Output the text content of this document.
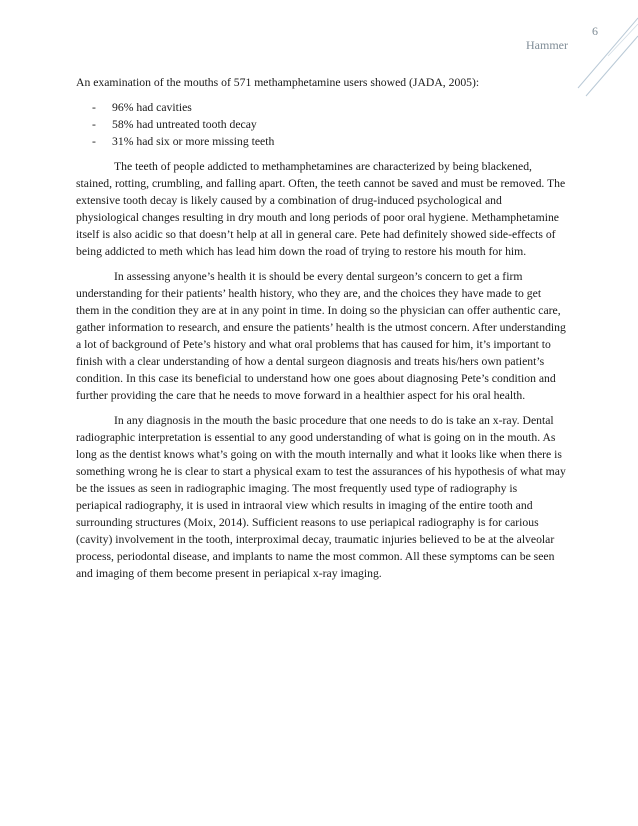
6
Hammer

An examination of the mouths of 571 methamphetamine users showed (JADA, 2005):

- 96% had cavities
- 58% had untreated tooth decay
- 31% had six or more missing teeth

The teeth of people addicted to methamphetamines are characterized by being blackened, stained, rotting, crumbling, and falling apart. Often, the teeth cannot be saved and must be removed. The extensive tooth decay is likely caused by a combination of drug-induced psychological and physiological changes resulting in dry mouth and long periods of poor oral hygiene. Methamphetamine itself is also acidic so that doesn’t help at all in general care. Pete had definitely showed side-effects of being addicted to meth which has lead him down the road of trying to restore his mouth for him.

In assessing anyone’s health it is should be every dental surgeon’s concern to get a firm understanding for their patients’ health history, who they are, and the choices they have made to get them in the condition they are at in any point in time. In doing so the physician can offer authentic care, gather information to research, and ensure the patients’ health is the utmost concern. After understanding a lot of background of Pete’s history and what oral problems that has caused for him, it’s important to finish with a clear understanding of how a dental surgeon diagnosis and treats his/hers own patient’s condition. In this case its beneficial to understand how one goes about diagnosing Pete’s condition and further providing the care that he needs to move forward in a healthier aspect for his oral health.

In any diagnosis in the mouth the basic procedure that one needs to do is take an x-ray. Dental radiographic interpretation is essential to any good understanding of what is going on in the mouth. As long as the dentist knows what’s going on with the mouth internally and what it looks like when there is something wrong he is clear to start a physical exam to test the assurances of his hypothesis of what may be the issues as seen in radiographic imaging. The most frequently used type of radiography is periapical radiography, it is used in intraoral view which results in imaging of the entire tooth and surrounding structures (Moix, 2014). Sufficient reasons to use periapical radiography is for carious (cavity) involvement in the tooth, interproximal decay, traumatic injuries believed to be at the alveolar process, periodontal disease, and implants to name the most common. All these symptoms can be seen and imaging of them become present in periapical x-ray imaging.
